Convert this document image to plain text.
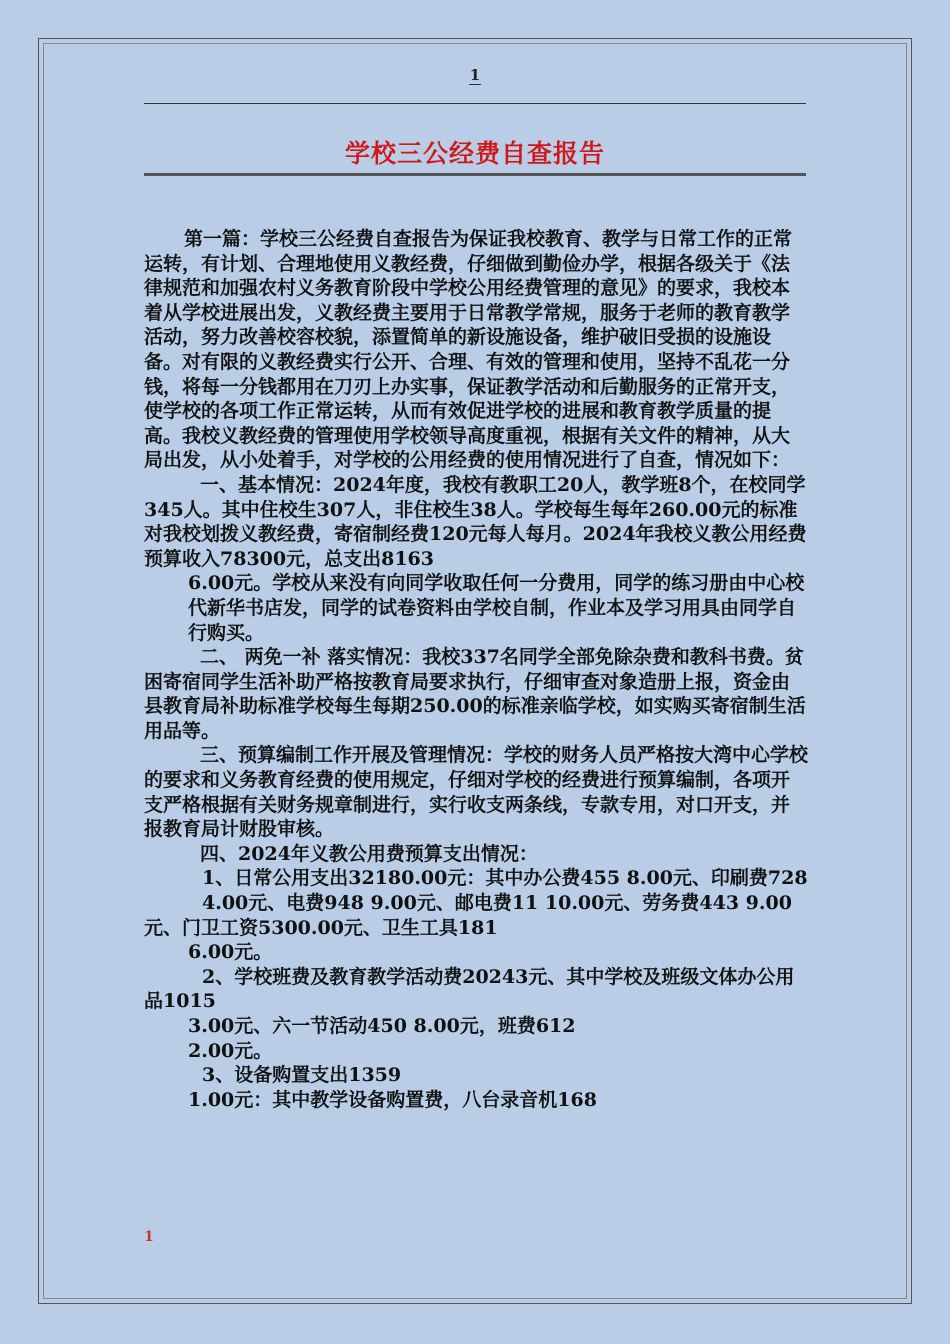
1
学校三公经费自查报告

第一篇：学校三公经费自查报告为保证我校教育、教学与日常工作的正常运转，有计划、合理地使用义教经费，仔细做到勤俭办学，根据各级关于《法律规范和加强农村义务教育阶段中学校公用经费管理的意见》的要求，我校本着从学校进展出发，义教经费主要用于日常教学常规，服务于老师的教育教学活动，努力改善校容校貌，添置简单的新设施设备，维护破旧受损的设施设备。对有限的义教经费实行公开、合理、有效的管理和使用，坚持不乱花一分钱，将每一分钱都用在刀刃上办实事，保证教学活动和后勤服务的正常开支，使学校的各项工作正常运转，从而有效促进学校的进展和教育教学质量的提高。我校义教经费的管理使用学校领导高度重视，根据有关文件的精神，从大局出发，从小处着手，对学校的公用经费的使用情况进行了自查，情况如下：

一、基本情况：2024年度，我校有教职工20人，教学班8个，在校同学345人。其中住校生307人，非住校生38人。学校每生每年260.00元的标准对我校划拨义教经费，寄宿制经费120元每人每月。2024年我校义教公用经费预算收入78300元，总支出8163

6.00元。学校从来没有向同学收取任何一分费用，同学的练习册由中心校代新华书店发，同学的试卷资料由学校自制，作业本及学习用具由同学自行购买。

二、 两免一补 落实情况：我校337名同学全部免除杂费和教科书费。贫困寄宿同学生活补助严格按教育局要求执行，仔细审查对象造册上报，资金由县教育局补助标准学校每生每期250.00的标准亲临学校，如实购买寄宿制生活用品等。

三、预算编制工作开展及管理情况：学校的财务人员严格按大湾中心学校的要求和义务教育经费的使用规定，仔细对学校的经费进行预算编制，各项开支严格根据有关财务规章制进行，实行收支两条线，专款专用，对口开支，并报教育局计财股审核。

四、2024年义教公用费预算支出情况：

1、日常公用支出32180.00元：其中办公费455 8.00元、印刷费728

4.00元、电费948 9.00元、邮电费11 10.00元、劳务费443 9.00元、门卫工资5300.00元、卫生工具181

6.00元。

2、学校班费及教育教学活动费20243元、其中学校及班级文体办公用品1015

3.00元、六一节活动450 8.00元，班费612

2.00元。

3、设备购置支出1359

1.00元：其中教学设备购置费，八台录音机168

1
